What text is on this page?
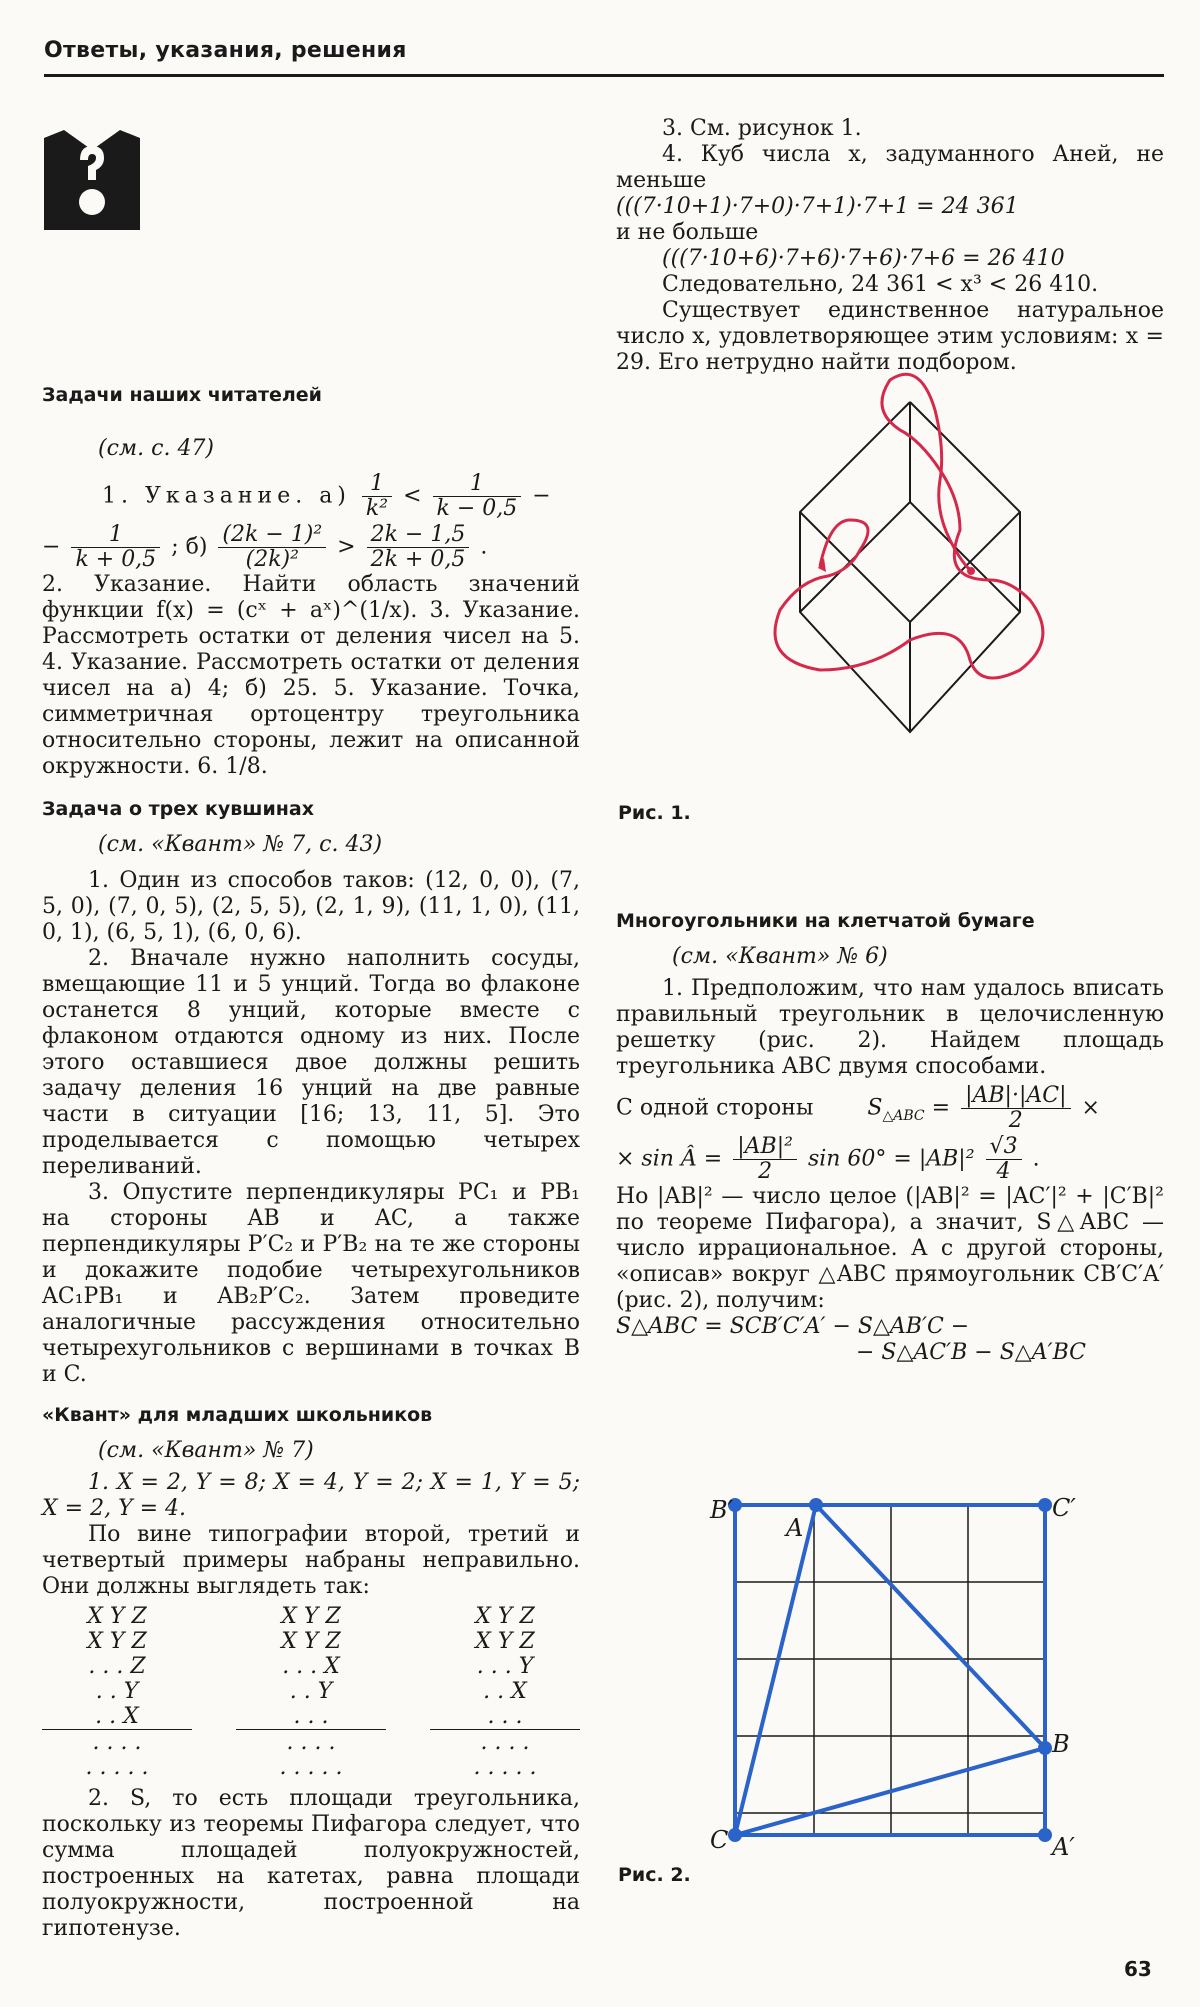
Ответы, указания, решения

Задачи наших читателей

(см. с. 47)

1. Указание. $а) \frac{1}{\text{k²}} < \frac{1}{k - 0,5}$ −
− $\frac{1}{k + 0,5}$ ; $б) \frac{\text{(2k − 1)²}}{\text{(2k)²}} > \frac{2k - 1,5}{2k + 0,5}$ .

2. Указание. Найти область значений функции f(x) = (cˣ + aˣ)^(1/x). 3. Указание. Рассмотреть остатки от деления чисел на 5. 4. Указание. Рассмотреть остатки от деления чисел на а) 4; б) 25. 5. Указание. Точка, симметричная ортоцентру треугольника относительно стороны, лежит на описанной окружности. 6. 1/8.

Задача о трех кувшинах

(см. «Квант» № 7, с. 43)

1. Один из способов таков: (12, 0, 0), (7, 5, 0), (7, 0, 5), (2, 5, 5), (2, 1, 9), (11, 1, 0), (11, 0, 1), (6, 5, 1), (6, 0, 6).

2. Вначале нужно наполнить сосуды, вмещающие 11 и 5 унций. Тогда во флаконе останется 8 унций, которые вместе с флаконом отдаются одному из них. После этого оставшиеся двое должны решить задачу деления 16 унций на две равные части в ситуации [16; 13, 11, 5]. Это проделывается с помощью четырех переливаний.

3. Опустите перпендикуляры PC₁ и PB₁ на стороны AB и AC, а также перпендикуляры P′C₂ и P′B₂ на те же стороны и докажите подобие четырехугольников AC₁PB₁ и AB₂P′C₂. Затем проведите аналогичные рассуждения относительно четырехугольников с вершинами в точках B и C.

«Квант» для младших школьников

(см. «Квант» № 7)

1. X = 2, Y = 8; X = 4, Y = 2; X = 1, Y = 5; X = 2, Y = 4.

По вине типографии второй, третий и четвертый примеры набраны неправильно. Они должны выглядеть так:

X Y Z
X Y Z
. . . Z
. . Y
. . X
. . . .
. . . . .
X Y Z
X Y Z
. . . X
. . Y
. . .
. . . .
. . . . .
X Y Z
X Y Z
. . . Y
. . X
. . .
. . . .
. . . . .

2. S, то есть площади треугольника, поскольку из теоремы Пифагора следует, что сумма площадей полуокружностей, построенных на катетах, равна площади полуокружности, построенной на гипотенузе.

3. См. рисунок 1.

4. Куб числа x, задуманного Аней, не меньше

(((7·10+1)·7+0)·7+1)·7+1 = 24 361

и не больше

(((7·10+6)·7+6)·7+6)·7+6 = 26 410

Следовательно, 24 361 < x³ < 26 410.

Существует единственное натуральное число x, удовлетворяющее этим условиям: x = 29. Его нетрудно найти подбором.

Рис. 1.

Многоугольники на клетчатой бумаге

(см. «Квант» № 6)

1. Предположим, что нам удалось вписать правильный треугольник в целочисленную решетку (рис. 2). Найдем площадь треугольника ABC двумя способами.

С одной стороны $S_{\triangle ABC} = \frac{|AB|\cdot|AC|}{2}$ ×
× sin Â = $\frac{\text{|AB|²}}{2}$ $\sin 60^\circ = |AB|^2 \frac{√3}{4}$ .

Но |AB|² — число целое (|AB|² = |AC′|² + |C′B|² по теореме Пифагора), а значит, S△ABC — число иррациональное. А с другой стороны, «описав» вокруг △ABC прямоугольник CB′C′A′ (рис. 2), получим:

S△ABC = SCB′C′A′ − S△AB′C −

− S△AC′B − S△A′BC

B′
A
C′
B
C	A′
Рис. 2.
63
